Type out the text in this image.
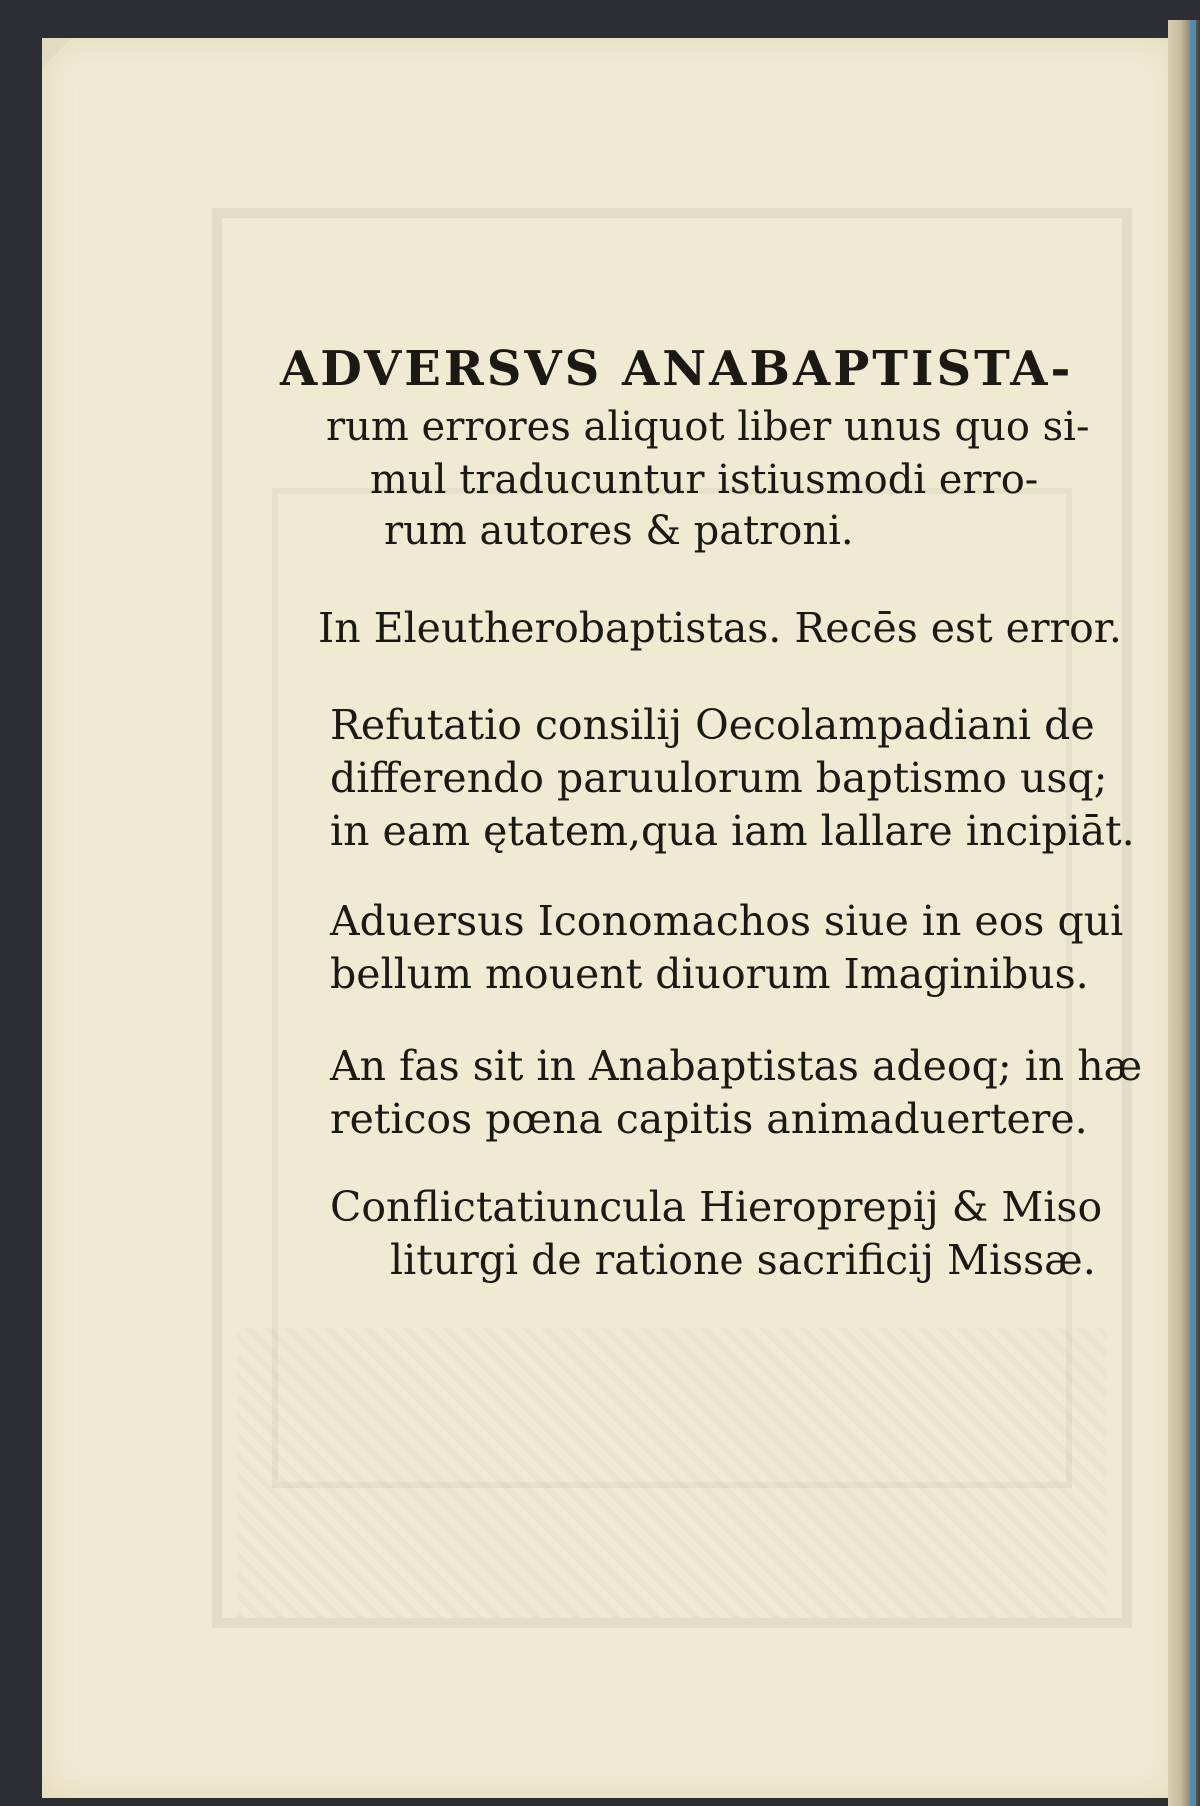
ADVERSVS ANABAPTISTA-
rum errores aliquot liber unus quo si-
mul traducuntur istiusmodi erro-
rum autores & patroni.
In Eleutherobaptistas. Recēs est error.
Refutatio consilij Oecolampadiani de
differendo paruulorum baptismo usq;
in eam ętatem,qua iam lallare incipiāt.
Aduersus Iconomachos siue in eos qui
bellum mouent diuorum Imaginibus.
An fas sit in Anabaptistas adeoq; in hæ
reticos pœna capitis animaduertere.
Conflictatiuncula Hieroprepij & Miso
liturgi de ratione sacrificij Missæ.
